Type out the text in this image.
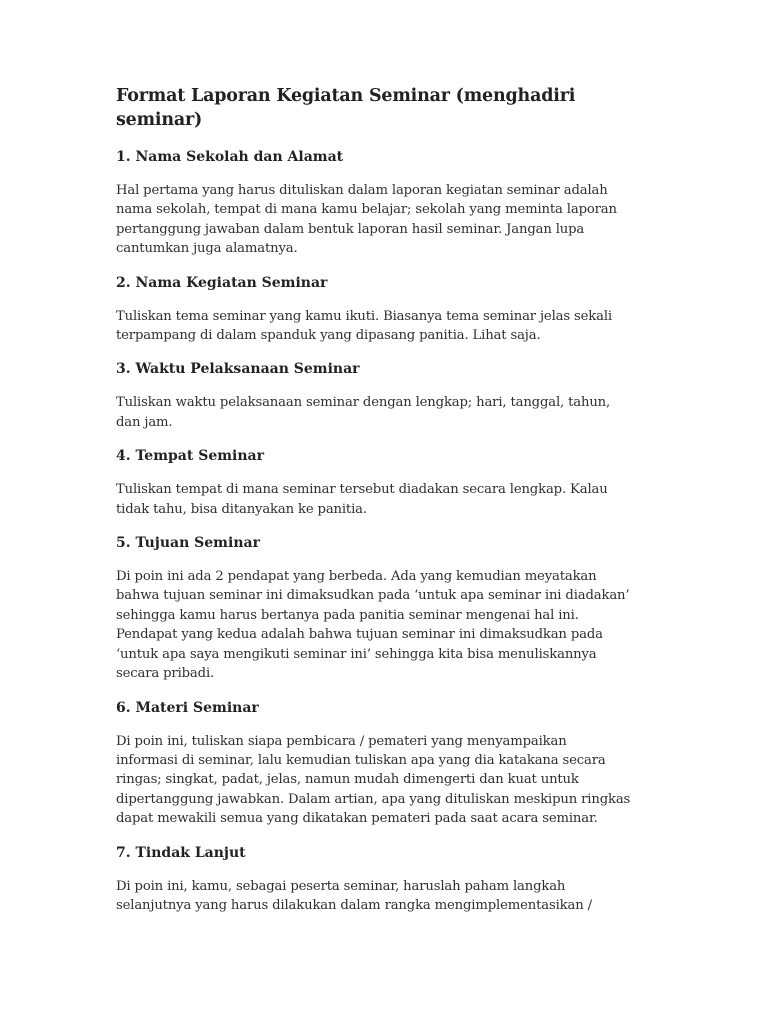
Format Laporan Kegiatan Seminar (menghadiri seminar)
1. Nama Sekolah dan Alamat

Hal pertama yang harus dituliskan dalam laporan kegiatan seminar adalah
nama sekolah, tempat di mana kamu belajar; sekolah yang meminta laporan
pertanggung jawaban dalam bentuk laporan hasil seminar. Jangan lupa
cantumkan juga alamatnya.

2. Nama Kegiatan Seminar

Tuliskan tema seminar yang kamu ikuti. Biasanya tema seminar jelas sekali
terpampang di dalam spanduk yang dipasang panitia. Lihat saja.

3. Waktu Pelaksanaan Seminar

Tuliskan waktu pelaksanaan seminar dengan lengkap; hari, tanggal, tahun,
dan jam.

4. Tempat Seminar

Tuliskan tempat di mana seminar tersebut diadakan secara lengkap. Kalau
tidak tahu, bisa ditanyakan ke panitia.

5. Tujuan Seminar

Di poin ini ada 2 pendapat yang berbeda. Ada yang kemudian meyatakan
bahwa tujuan seminar ini dimaksudkan pada ‘untuk apa seminar ini diadakan’
sehingga kamu harus bertanya pada panitia seminar mengenai hal ini.
Pendapat yang kedua adalah bahwa tujuan seminar ini dimaksudkan pada
‘untuk apa saya mengikuti seminar ini’ sehingga kita bisa menuliskannya
secara pribadi.

6. Materi Seminar

Di poin ini, tuliskan siapa pembicara / pemateri yang menyampaikan
informasi di seminar, lalu kemudian tuliskan apa yang dia katakana secara
ringas; singkat, padat, jelas, namun mudah dimengerti dan kuat untuk
dipertanggung jawabkan. Dalam artian, apa yang dituliskan meskipun ringkas
dapat mewakili semua yang dikatakan pemateri pada saat acara seminar.

7. Tindak Lanjut

Di poin ini, kamu, sebagai peserta seminar, haruslah paham langkah
selanjutnya yang harus dilakukan dalam rangka mengimplementasikan /
